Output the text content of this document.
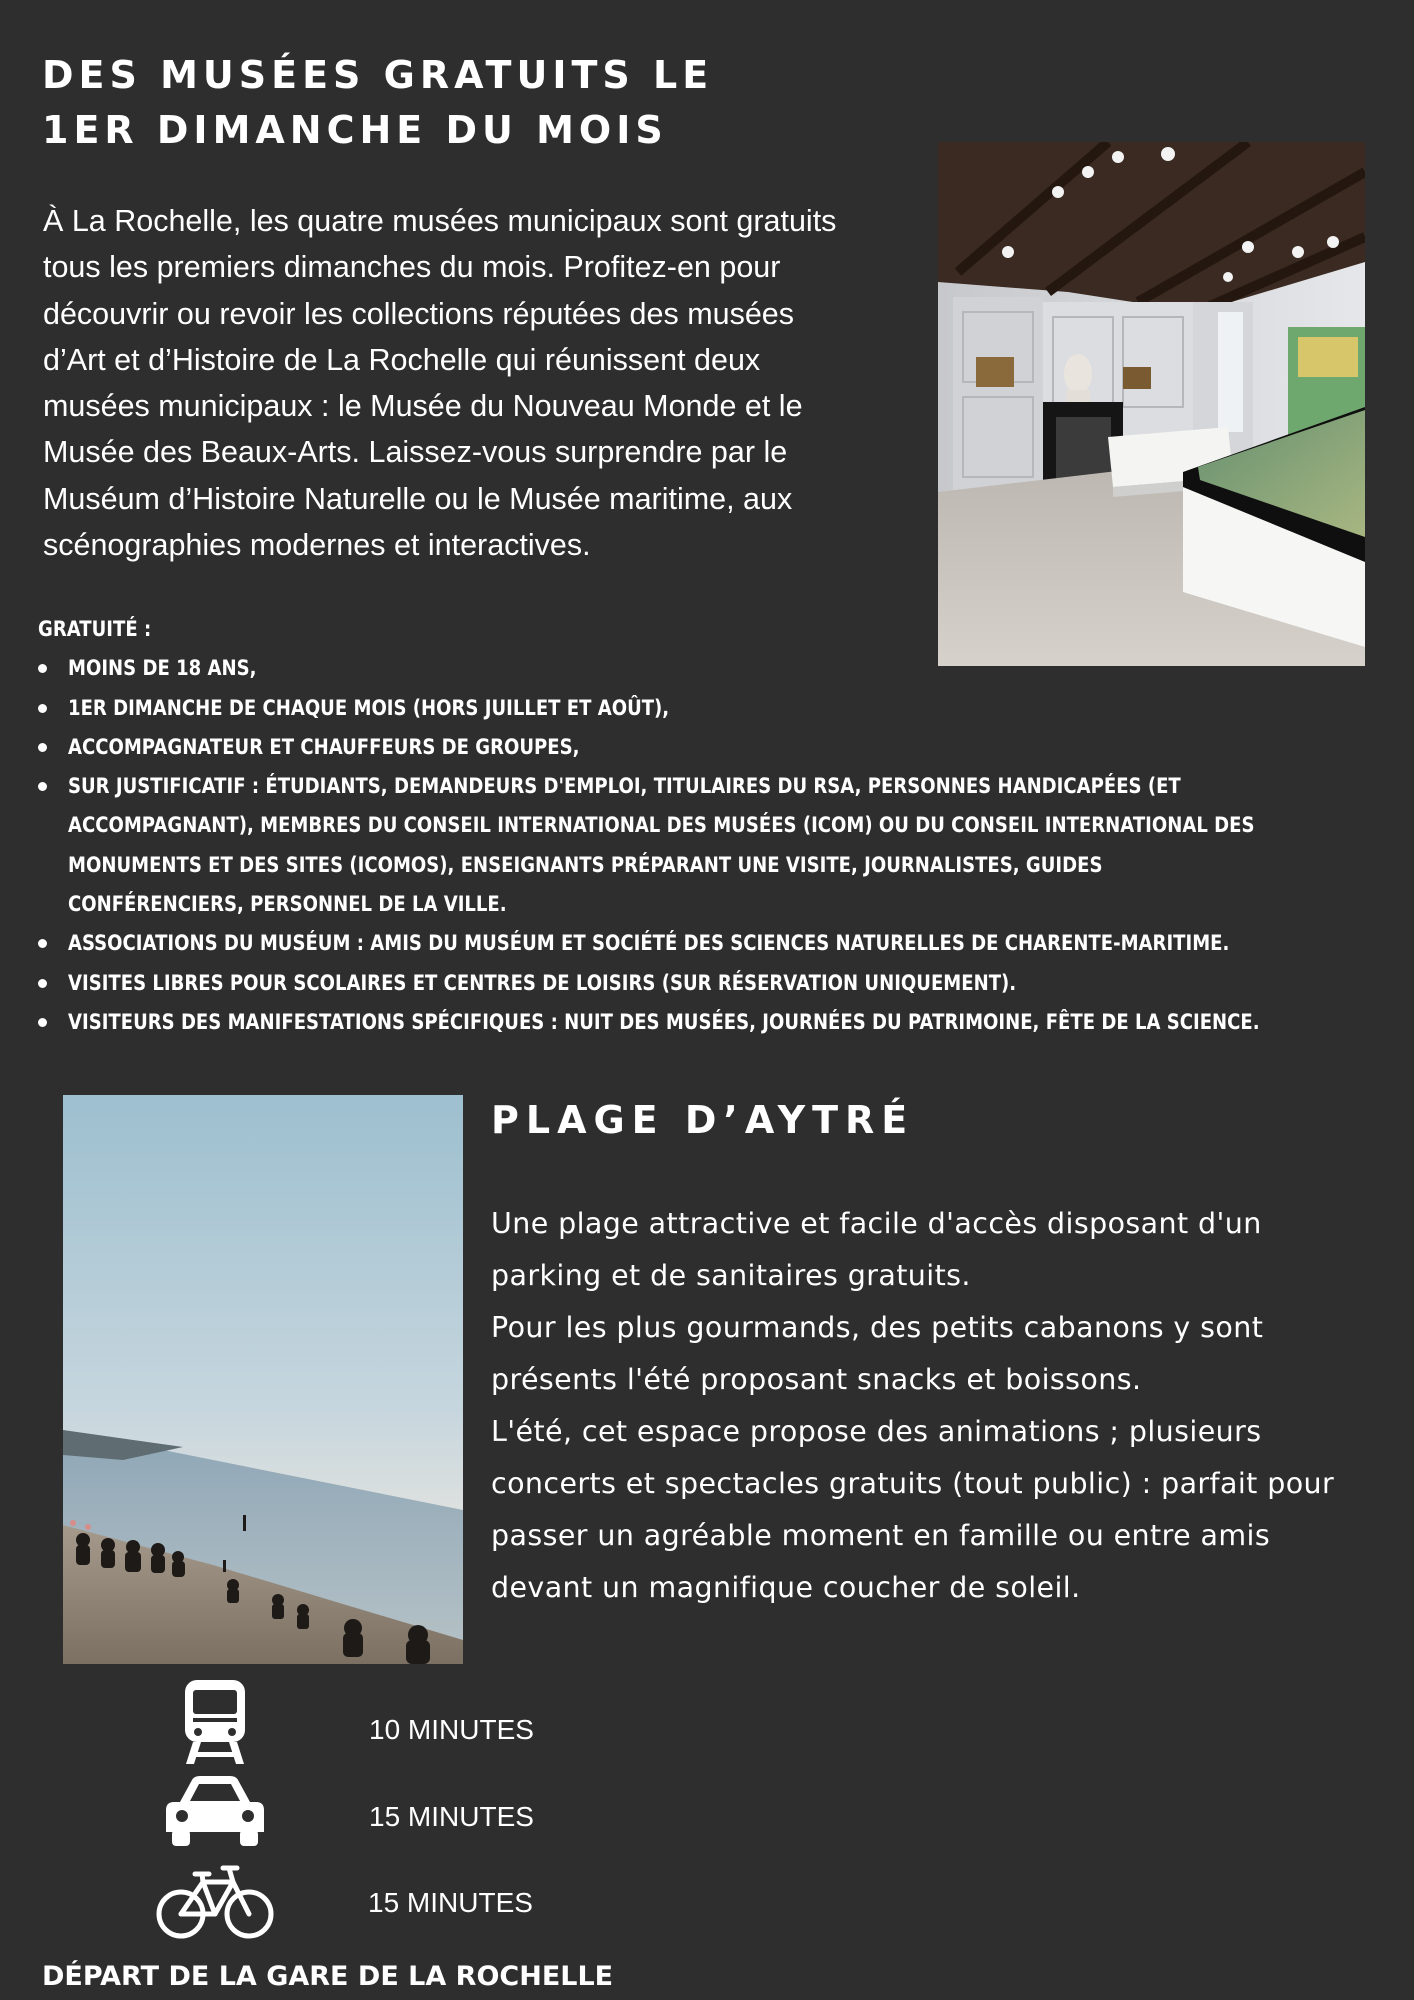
DES MUSÉES GRATUITS LE
1ER DIMANCHE DU MOIS
À La Rochelle, les quatre musées municipaux sont gratuits
tous les premiers dimanches du mois. Profitez-en pour
découvrir ou revoir les collections réputées des musées
d’Art et d’Histoire de La Rochelle qui réunissent deux
musées municipaux : le Musée du Nouveau Monde et le
Musée des Beaux-Arts. Laissez-vous surprendre par le
Muséum d’Histoire Naturelle ou le Musée maritime, aux
scénographies modernes et interactives.
GRATUITÉ :
MOINS DE 18 ANS,
1ER DIMANCHE DE CHAQUE MOIS (HORS JUILLET ET AOÛT),
ACCOMPAGNATEUR ET CHAUFFEURS DE GROUPES,
SUR JUSTIFICATIF : ÉTUDIANTS, DEMANDEURS D'EMPLOI, TITULAIRES DU RSA, PERSONNES HANDICAPÉES (ET
ACCOMPAGNANT), MEMBRES DU CONSEIL INTERNATIONAL DES MUSÉES (ICOM) OU DU CONSEIL INTERNATIONAL DES
MONUMENTS ET DES SITES (ICOMOS), ENSEIGNANTS PRÉPARANT UNE VISITE, JOURNALISTES, GUIDES
CONFÉRENCIERS, PERSONNEL DE LA VILLE.
ASSOCIATIONS DU MUSÉUM : AMIS DU MUSÉUM ET SOCIÉTÉ DES SCIENCES NATURELLES DE CHARENTE-MARITIME.
VISITES LIBRES POUR SCOLAIRES ET CENTRES DE LOISIRS (SUR RÉSERVATION UNIQUEMENT).
VISITEURS DES MANIFESTATIONS SPÉCIFIQUES : NUIT DES MUSÉES, JOURNÉES DU PATRIMOINE, FÊTE DE LA SCIENCE.
PLAGE D’AYTRÉ

Une plage attractive et facile d'accès disposant d'un
parking et de sanitaires gratuits.

Pour les plus gourmands, des petits cabanons y sont
présents l'été proposant snacks et boissons.

L'été, cet espace propose des animations ; plusieurs
concerts et spectacles gratuits (tout public) : parfait pour
passer un agréable moment en famille ou entre amis
devant un magnifique coucher de soleil.

10 MINUTES
15 MINUTES
15 MINUTES
DÉPART DE LA GARE DE LA ROCHELLE
